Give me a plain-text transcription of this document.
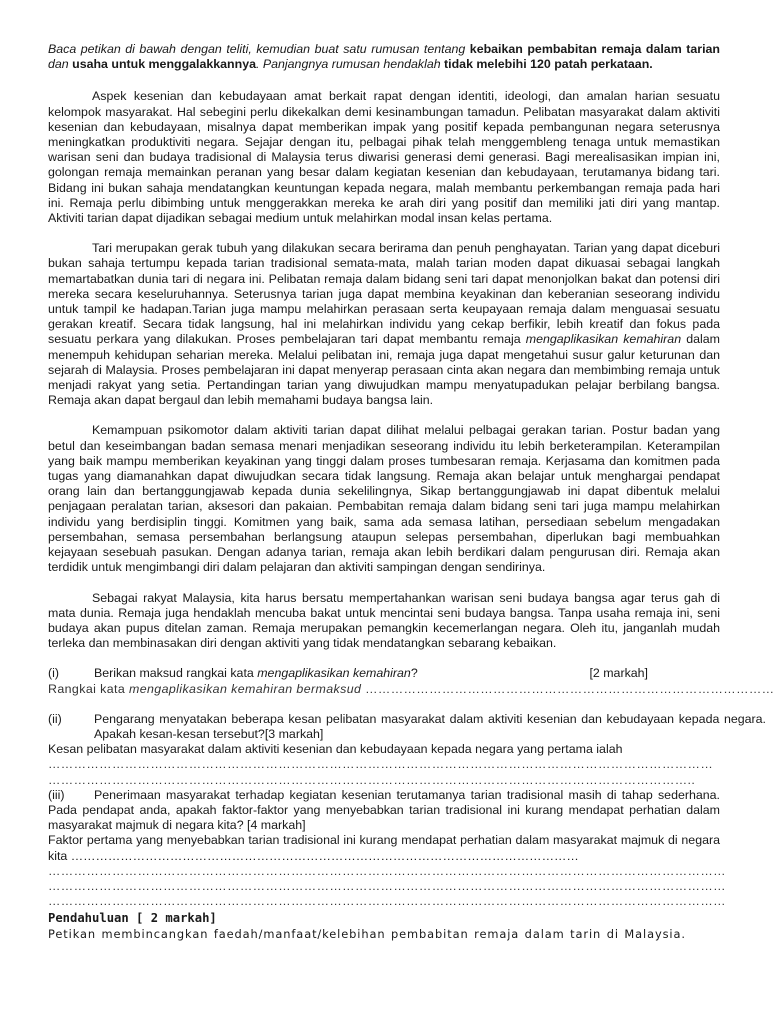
Baca petikan di bawah dengan teliti, kemudian buat satu rumusan tentang kebaikan pembabitan remaja dalam tarian dan usaha untuk menggalakkannya. Panjangnya rumusan hendaklah tidak melebihi 120 patah perkataan.

Aspek kesenian dan kebudayaan amat berkait rapat dengan identiti, ideologi, dan amalan harian sesuatu kelompok masyarakat. Hal sebegini perlu dikekalkan demi kesinambungan tamadun. Pelibatan masyarakat dalam aktiviti kesenian dan kebudayaan, misalnya dapat memberikan impak yang positif kepada pembangunan negara seterusnya meningkatkan produktiviti negara. Sejajar dengan itu, pelbagai pihak telah menggembleng tenaga untuk memastikan warisan seni dan budaya tradisional di Malaysia terus diwarisi generasi demi generasi. Bagi merealisasikan impian ini, golongan remaja memainkan peranan yang besar dalam kegiatan kesenian dan kebudayaan, terutamanya bidang tari. Bidang ini bukan sahaja mendatangkan keuntungan kepada negara, malah membantu perkembangan remaja pada hari ini. Remaja perlu dibimbing untuk menggerakkan mereka ke arah diri yang positif dan memiliki jati diri yang mantap. Aktiviti tarian dapat dijadikan sebagai medium untuk melahirkan modal insan kelas pertama.

Tari merupakan gerak tubuh yang dilakukan secara berirama dan penuh penghayatan. Tarian yang dapat diceburi bukan sahaja tertumpu kepada tarian tradisional semata-mata, malah tarian moden dapat dikuasai sebagai langkah memartabatkan dunia tari di negara ini. Pelibatan remaja dalam bidang seni tari dapat menonjolkan bakat dan potensi diri mereka secara keseluruhannya. Seterusnya tarian juga dapat membina keyakinan dan keberanian seseorang individu untuk tampil ke hadapan.Tarian juga mampu melahirkan perasaan serta keupayaan remaja dalam menguasai sesuatu gerakan kreatif. Secara tidak langsung, hal ini melahirkan individu yang cekap berfikir, lebih kreatif dan fokus pada sesuatu perkara yang dilakukan. Proses pembelajaran tari dapat membantu remaja mengaplikasikan kemahiran dalam menempuh kehidupan seharian mereka. Melalui pelibatan ini, remaja juga dapat mengetahui susur galur keturunan dan sejarah di Malaysia. Proses pembelajaran ini dapat menyerap perasaan cinta akan negara dan membimbing remaja untuk menjadi rakyat yang setia. Pertandingan tarian yang diwujudkan mampu menyatupadukan pelajar berbilang bangsa. Remaja akan dapat bergaul dan lebih memahami budaya bangsa lain.

Kemampuan psikomotor dalam aktiviti tarian dapat dilihat melalui pelbagai gerakan tarian. Postur badan yang betul dan keseimbangan badan semasa menari menjadikan seseorang individu itu lebih berketerampilan. Keterampilan yang baik mampu memberikan keyakinan yang tinggi dalam proses tumbesaran remaja. Kerjasama dan komitmen pada tugas yang diamanahkan dapat diwujudkan secara tidak langsung. Remaja akan belajar untuk menghargai pendapat orang lain dan bertanggungjawab kepada dunia sekelilingnya, Sikap bertanggungjawab ini dapat dibentuk melalui penjagaan peralatan tarian, aksesori dan pakaian. Pembabitan remaja dalam bidang seni tari juga mampu melahirkan individu yang berdisiplin tinggi. Komitmen yang baik, sama ada semasa latihan, persediaan sebelum mengadakan persembahan, semasa persembahan berlangsung ataupun selepas persembahan, diperlukan bagi membuahkan kejayaan sesebuah pasukan. Dengan adanya tarian, remaja akan lebih berdikari dalam pengurusan diri. Remaja akan terdidik untuk mengimbangi diri dalam pelajaran dan aktiviti sampingan dengan sendirinya.

Sebagai rakyat Malaysia, kita harus bersatu mempertahankan warisan seni budaya bangsa agar terus gah di mata dunia. Remaja juga hendaklah mencuba bakat untuk mencintai seni budaya bangsa. Tanpa usaha remaja ini, seni budaya akan pupus ditelan zaman. Remaja merupakan pemangkin kecemerlangan negara. Oleh itu, janganlah mudah terleka dan membinasakan diri dengan aktiviti yang tidak mendatangkan sebarang kebaikan.

(i)	Berikan maksud rangkai kata mengaplikasikan kemahiran?	[2 markah]
Rangkai kata mengaplikasikan kemahiran bermaksud ……………………………………………………………………………………
(ii)	Pengarang menyatakan beberapa kesan pelibatan masyarakat dalam aktiviti kesenian dan kebudayaan kepada negara. Apakah kesan-kesan tersebut?[3 markah]
Kesan pelibatan masyarakat dalam aktiviti kesenian dan kebudayaan kepada negara yang pertama ialah
…………………………………………………………………………………………………………………………………………
……………………………………………………………………………………………………………………………………..
(iii)	Penerimaan masyarakat terhadap kegiatan kesenian terutamanya tarian tradisional masih di tahap sederhana. Pada pendapat anda, apakah faktor-faktor yang menyebabkan tarian tradisional ini kurang mendapat perhatian dalam masyarakat majmuk di negara kita? [4 markah]
Faktor pertama yang menyebabkan tarian tradisional ini kurang mendapat perhatian dalam masyarakat majmuk di negara kita ……………………………………………………………………………………………………………
……………………………………………………………………………………………………………………………………………
……………………………………………………………………………………………………………………………………………
……………………………………………………………………………………………………………………………………………
Pendahuluan [ 2 markah]
Petikan membincangkan faedah/manfaat/kelebihan pembabitan remaja dalam tarin di Malaysia.
